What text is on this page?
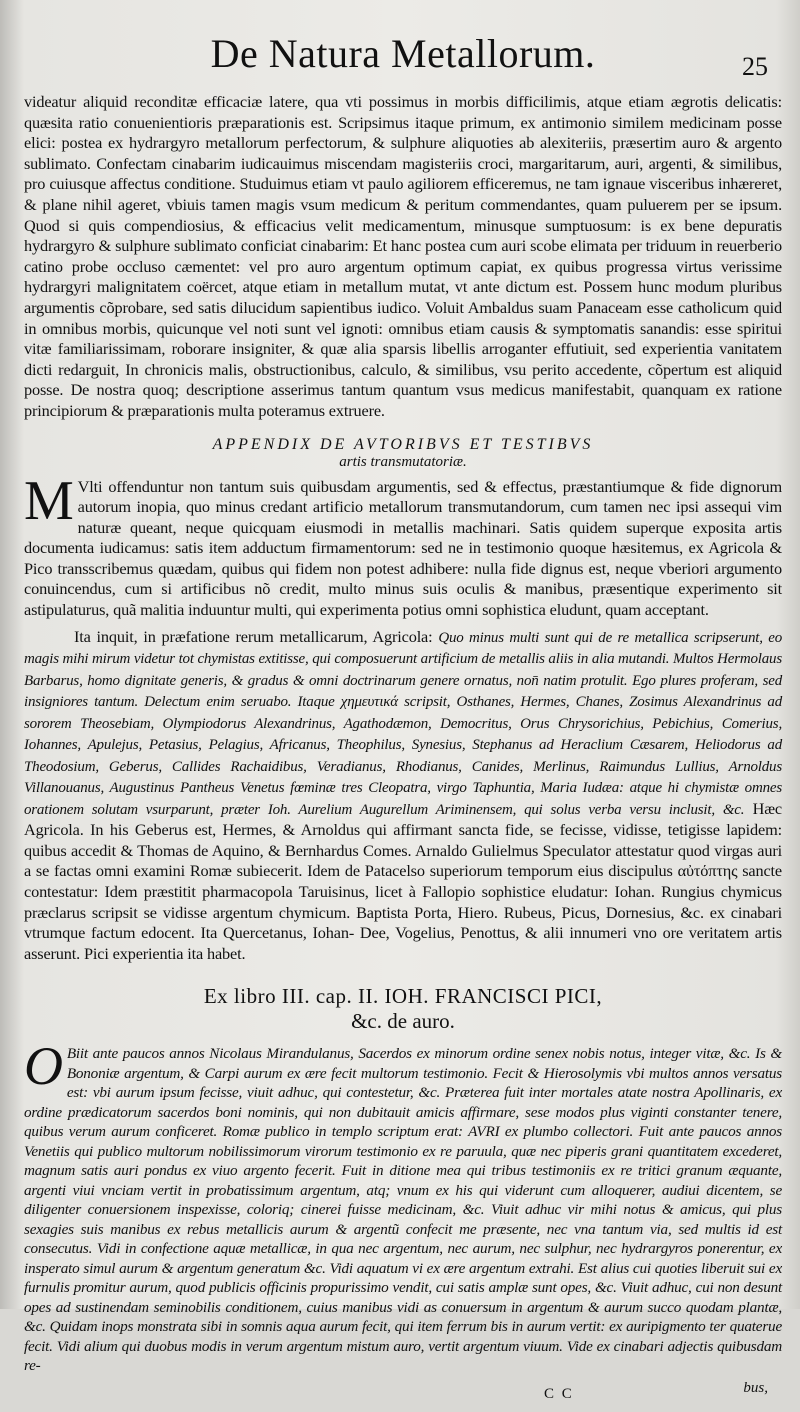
De Natura Metallorum.	25

videatur aliquid reconditæ efficaciæ latere, qua vti possimus in morbis difficilimis, atque etiam ægrotis delicatis: quæsita ratio conuenientioris præparationis est. Scripsimus itaque primum, ex antimonio similem medicinam posse elici: postea ex hydrargyro metallorum perfectorum, & sulphure aliquoties ab alexiteriis, præsertim auro & argento sublimato. Confectam cinabarim iudicauimus miscendam magisteriis croci, margaritarum, auri, argenti, & similibus, pro cuiusque affectus conditione. Studuimus etiam vt paulo agiliorem efficeremus, ne tam ignaue visceribus inhæreret, & plane nihil ageret, vbiuis tamen magis vsum medicum & peritum commendantes, quam puluerem per se ipsum. Quod si quis compendiosius, & efficacius velit medicamentum, minusque sumptuosum: is ex bene depuratis hydrargyro & sulphure sublimato conficiat cinabarim: Et hanc postea cum auri scobe elimata per triduum in reuerberio catino probe occluso cæmentet: vel pro auro argentum optimum capiat, ex quibus progressa virtus verissime hydrargyri malignitatem coërcet, atque etiam in metallum mutat, vt ante dictum est. Possem hunc modum pluribus argumentis cõprobare, sed satis dilucidum sapientibus iudico. Voluit Ambaldus suam Panaceam esse catholicum quid in omnibus morbis, quicunque vel noti sunt vel ignoti: omnibus etiam causis & symptomatis sanandis: esse spiritui vitæ familiarissimam, roborare insigniter, & quæ alia sparsis libellis arroganter effutiuit, sed experientia vanitatem dicti redarguit, In chronicis malis, obstructionibus, calculo, & similibus, vsu perito accedente, cõpertum est aliquid posse. De nostra quoq; descriptione asserimus tantum quantum vsus medicus manifestabit, quanquam ex ratione principiorum & præparationis multa poteramus extruere.

APPENDIX DE AVTORIBVS ET TESTIBVS
artis transmutatoriæ.

M Vlti offenduntur non tantum suis quibusdam argumentis, sed & effectus, præstantiumque & fide dignorum autorum inopia, quo minus credant artificio metallorum transmutandorum, cum tamen nec ipsi assequi vim naturæ queant, neque quicquam eiusmodi in metallis machinari. Satis quidem superque exposita artis documenta iudicamus: satis item adductum firmamentorum: sed ne in testimonio quoque hæsitemus, ex Agricola & Pico transscribemus quædam, quibus qui fidem non potest adhibere: nulla fide dignus est, neque vberiori argumento conuincendus, cum si artificibus nõ credit, multo minus suis oculis & manibus, præsentique experimento sit astipulaturus, quã malitia induuntur multi, qui experimenta potius omni sophistica eludunt, quam acceptant.

Ita inquit, in præfatione rerum metallicarum, Agricola: Quo minus multi sunt qui de re metallica scripserunt, eo magis mihi mirum videtur tot chymistas extitisse, qui composuerunt artificium de metallis aliis in alia mutandi. Multos Hermolaus Barbarus, homo dignitate generis, & gradus & omni doctrinarum genere ornatus, non̄ natim protulit. Ego plures proferam, sed insigniores tantum. Delectum enim seruabo. Itaque χημευτικά scripsit, Osthanes, Hermes, Chanes, Zosimus Alexandrinus ad sororem Theosebiam, Olympiodorus Alexandrinus, Agathodæmon, Democritus, Orus Chrysorichius, Pebichius, Comerius, Iohannes, Apulejus, Petasius, Pelagius, Africanus, Theophilus, Synesius, Stephanus ad Heraclium Cæsarem, Heliodorus ad Theodosium, Geberus, Callides Rachaidibus, Veradianus, Rhodianus, Canides, Merlinus, Raimundus Lullius, Arnoldus Villanouanus, Augustinus Pantheus Venetus fœminæ tres Cleopatra, virgo Taphuntia, Maria Iudæa: atque hi chymistæ omnes orationem solutam vsurparunt, præter Ioh. Aurelium Augurellum Ariminensem, qui solus verba versu inclusit, &c. Hæc Agricola. In his Geberus est, Hermes, & Arnoldus qui affirmant sancta fide, se fecisse, vidisse, tetigisse lapidem: quibus accedit & Thomas de Aquino, & Bernhardus Comes. Arnaldo Gulielmus Speculator attestatur quod virgas auri a se factas omni examini Romæ subiecerit. Idem de Patacelso superiorum temporum eius discipulus αὐτόπτης sancte contestatur: Idem præstitit pharmacopola Taruisinus, licet à Fallopio sophistice eludatur: Iohan. Rungius chymicus præclarus scripsit se vidisse argentum chymicum. Baptista Porta, Hiero. Rubeus, Picus, Dornesius, &c. ex cinabari vtrumque factum edocent. Ita Quercetanus, Iohan- Dee, Vogelius, Penottus, & alii innumeri vno ore veritatem artis asserunt. Pici experientia ita habet.

Ex libro III. cap. II. IOH. FRANCISCI PICI,
&c. de auro.

O Biit ante paucos annos Nicolaus Mirandulanus, Sacerdos ex minorum ordine senex nobis notus, integer vitæ, &c. Is & Bononiæ argentum, & Carpi aurum ex ære fecit multorum testimonio. Fecit & Hierosolymis vbi multos annos versatus est: vbi aurum ipsum fecisse, viuit adhuc, qui contestetur, &c. Præterea fuit inter mortales atate nostra Apollinaris, ex ordine prædicatorum sacerdos boni nominis, qui non dubitauit amicis affirmare, sese modos plus viginti constanter tenere, quibus verum aurum conficeret. Romæ publico in templo scriptum erat: AVRI ex plumbo collectori. Fuit ante paucos annos Venetiis qui publico multorum nobilissimorum virorum testimonio ex re paruula, quæ nec piperis grani quantitatem excederet, magnum satis auri pondus ex viuo argento fecerit. Fuit in ditione mea qui tribus testimoniis ex re tritici granum æquante, argenti viui vnciam vertit in probatissimum argentum, atq; vnum ex his qui viderunt cum alloquerer, audiui dicentem, se diligenter conuersionem inspexisse, coloriq; cinerei fuisse medicinam, &c. Viuit adhuc vir mihi notus & amicus, qui plus sexagies suis manibus ex rebus metallicis aurum & argentũ confecit me præsente, nec vna tantum via, sed multis id est consecutus. Vidi in confectione aquæ metallicæ, in qua nec argentum, nec aurum, nec sulphur, nec hydrargyros ponerentur, ex insperato simul aurum & argentum generatum &c. Vidi aquatum vi ex ære argentum extrahi. Est alius cui quoties liberuit sui ex furnulis promitur aurum, quod publicis officinis propurissimo vendit, cui satis amplæ sunt opes, &c. Viuit adhuc, cui non desunt opes ad sustinendam seminobilis conditionem, cuius manibus vidi as conuersum in argentum & aurum succo quodam plantæ, &c. Quidam inops monstrata sibi in somnis aqua aurum fecit, qui item ferrum bis in aurum vertit: ex auripigmento ter quaterue fecit. Vidi alium qui duobus modis in verum argentum mistum auro, vertit argentum viuum. Vide ex cinabari adjectis quibusdam re-

C C	bus,
